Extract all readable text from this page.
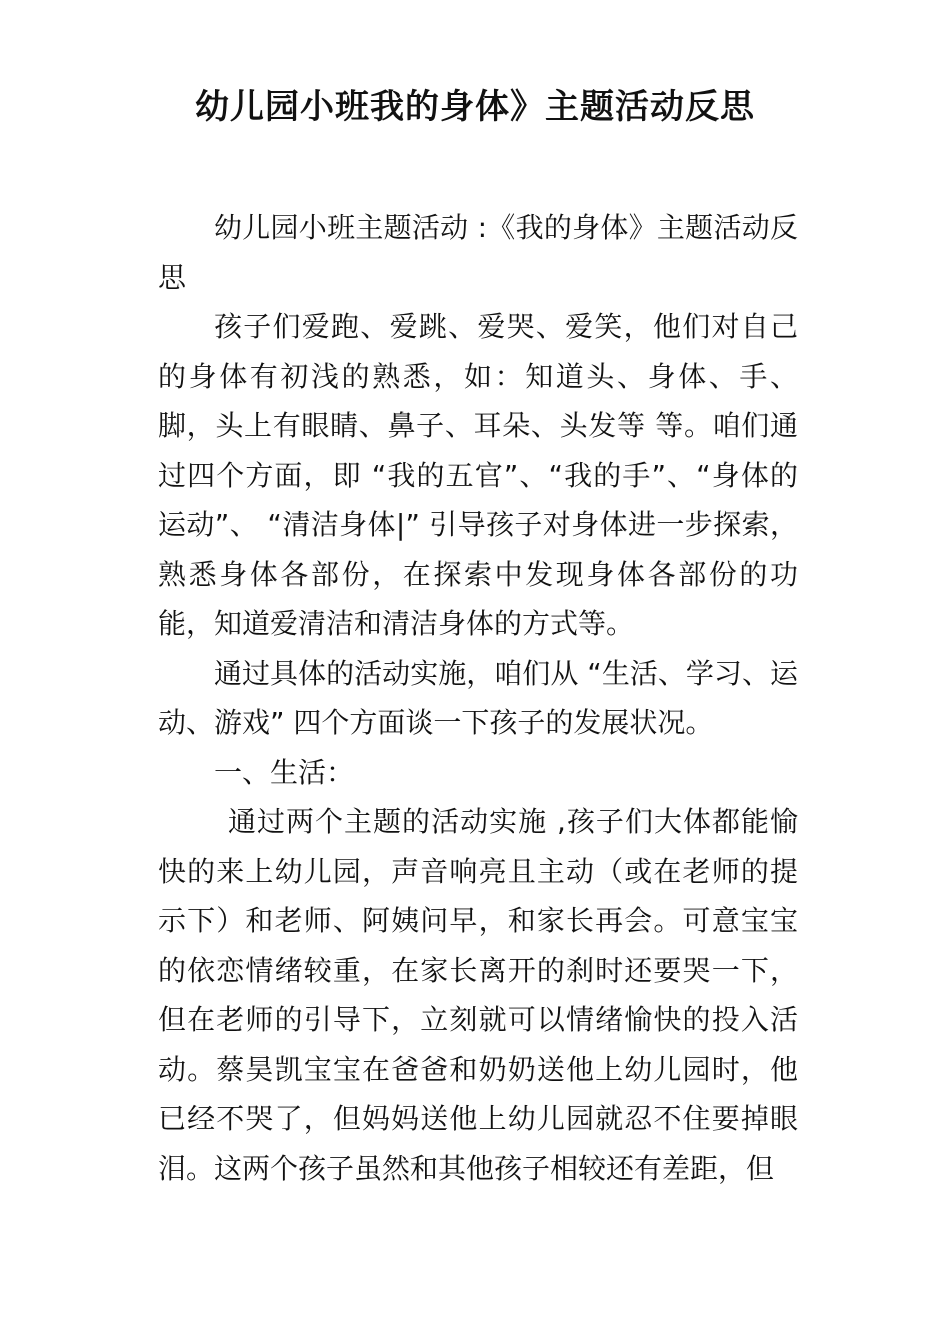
幼儿园小班我的身体》主题活动反思

幼儿园小班主题活动 :《我的身体》主题活动反思

孩子们爱跑、爱跳、爱哭、爱笑，他们对自己的身体有初浅的熟悉，如：知道头、身体、手、脚，头上有眼睛、鼻子、耳朵、头发等 等。咱们通过四个方面，即 “我的五官”、“我的手”、“身体的运动”、 “清洁身体|” 引导孩子对身体进一步探索，熟悉身体各部份，在探索中发现身体各部份的功能，知道爱清洁和清洁身体的方式等。

通过具体的活动实施，咱们从 “生活、学习、运动、游戏” 四个方面谈一下孩子的发展状况。

一、生活：

通过两个主题的活动实施 ,孩子们大体都能愉快的来上幼儿园，声音响亮且主动（或在老师的提示下）和老师、阿姨问早，和家长再会。可意宝宝的依恋情绪较重，在家长离开的刹时还要哭一下，但在老师的引导下，立刻就可以情绪愉快的投入活动。蔡昊凯宝宝在爸爸和奶奶送他上幼儿园时，他已经不哭了，但妈妈送他上幼儿园就忍不住要掉眼泪。这两个孩子虽然和其他孩子相较还有差距，但
